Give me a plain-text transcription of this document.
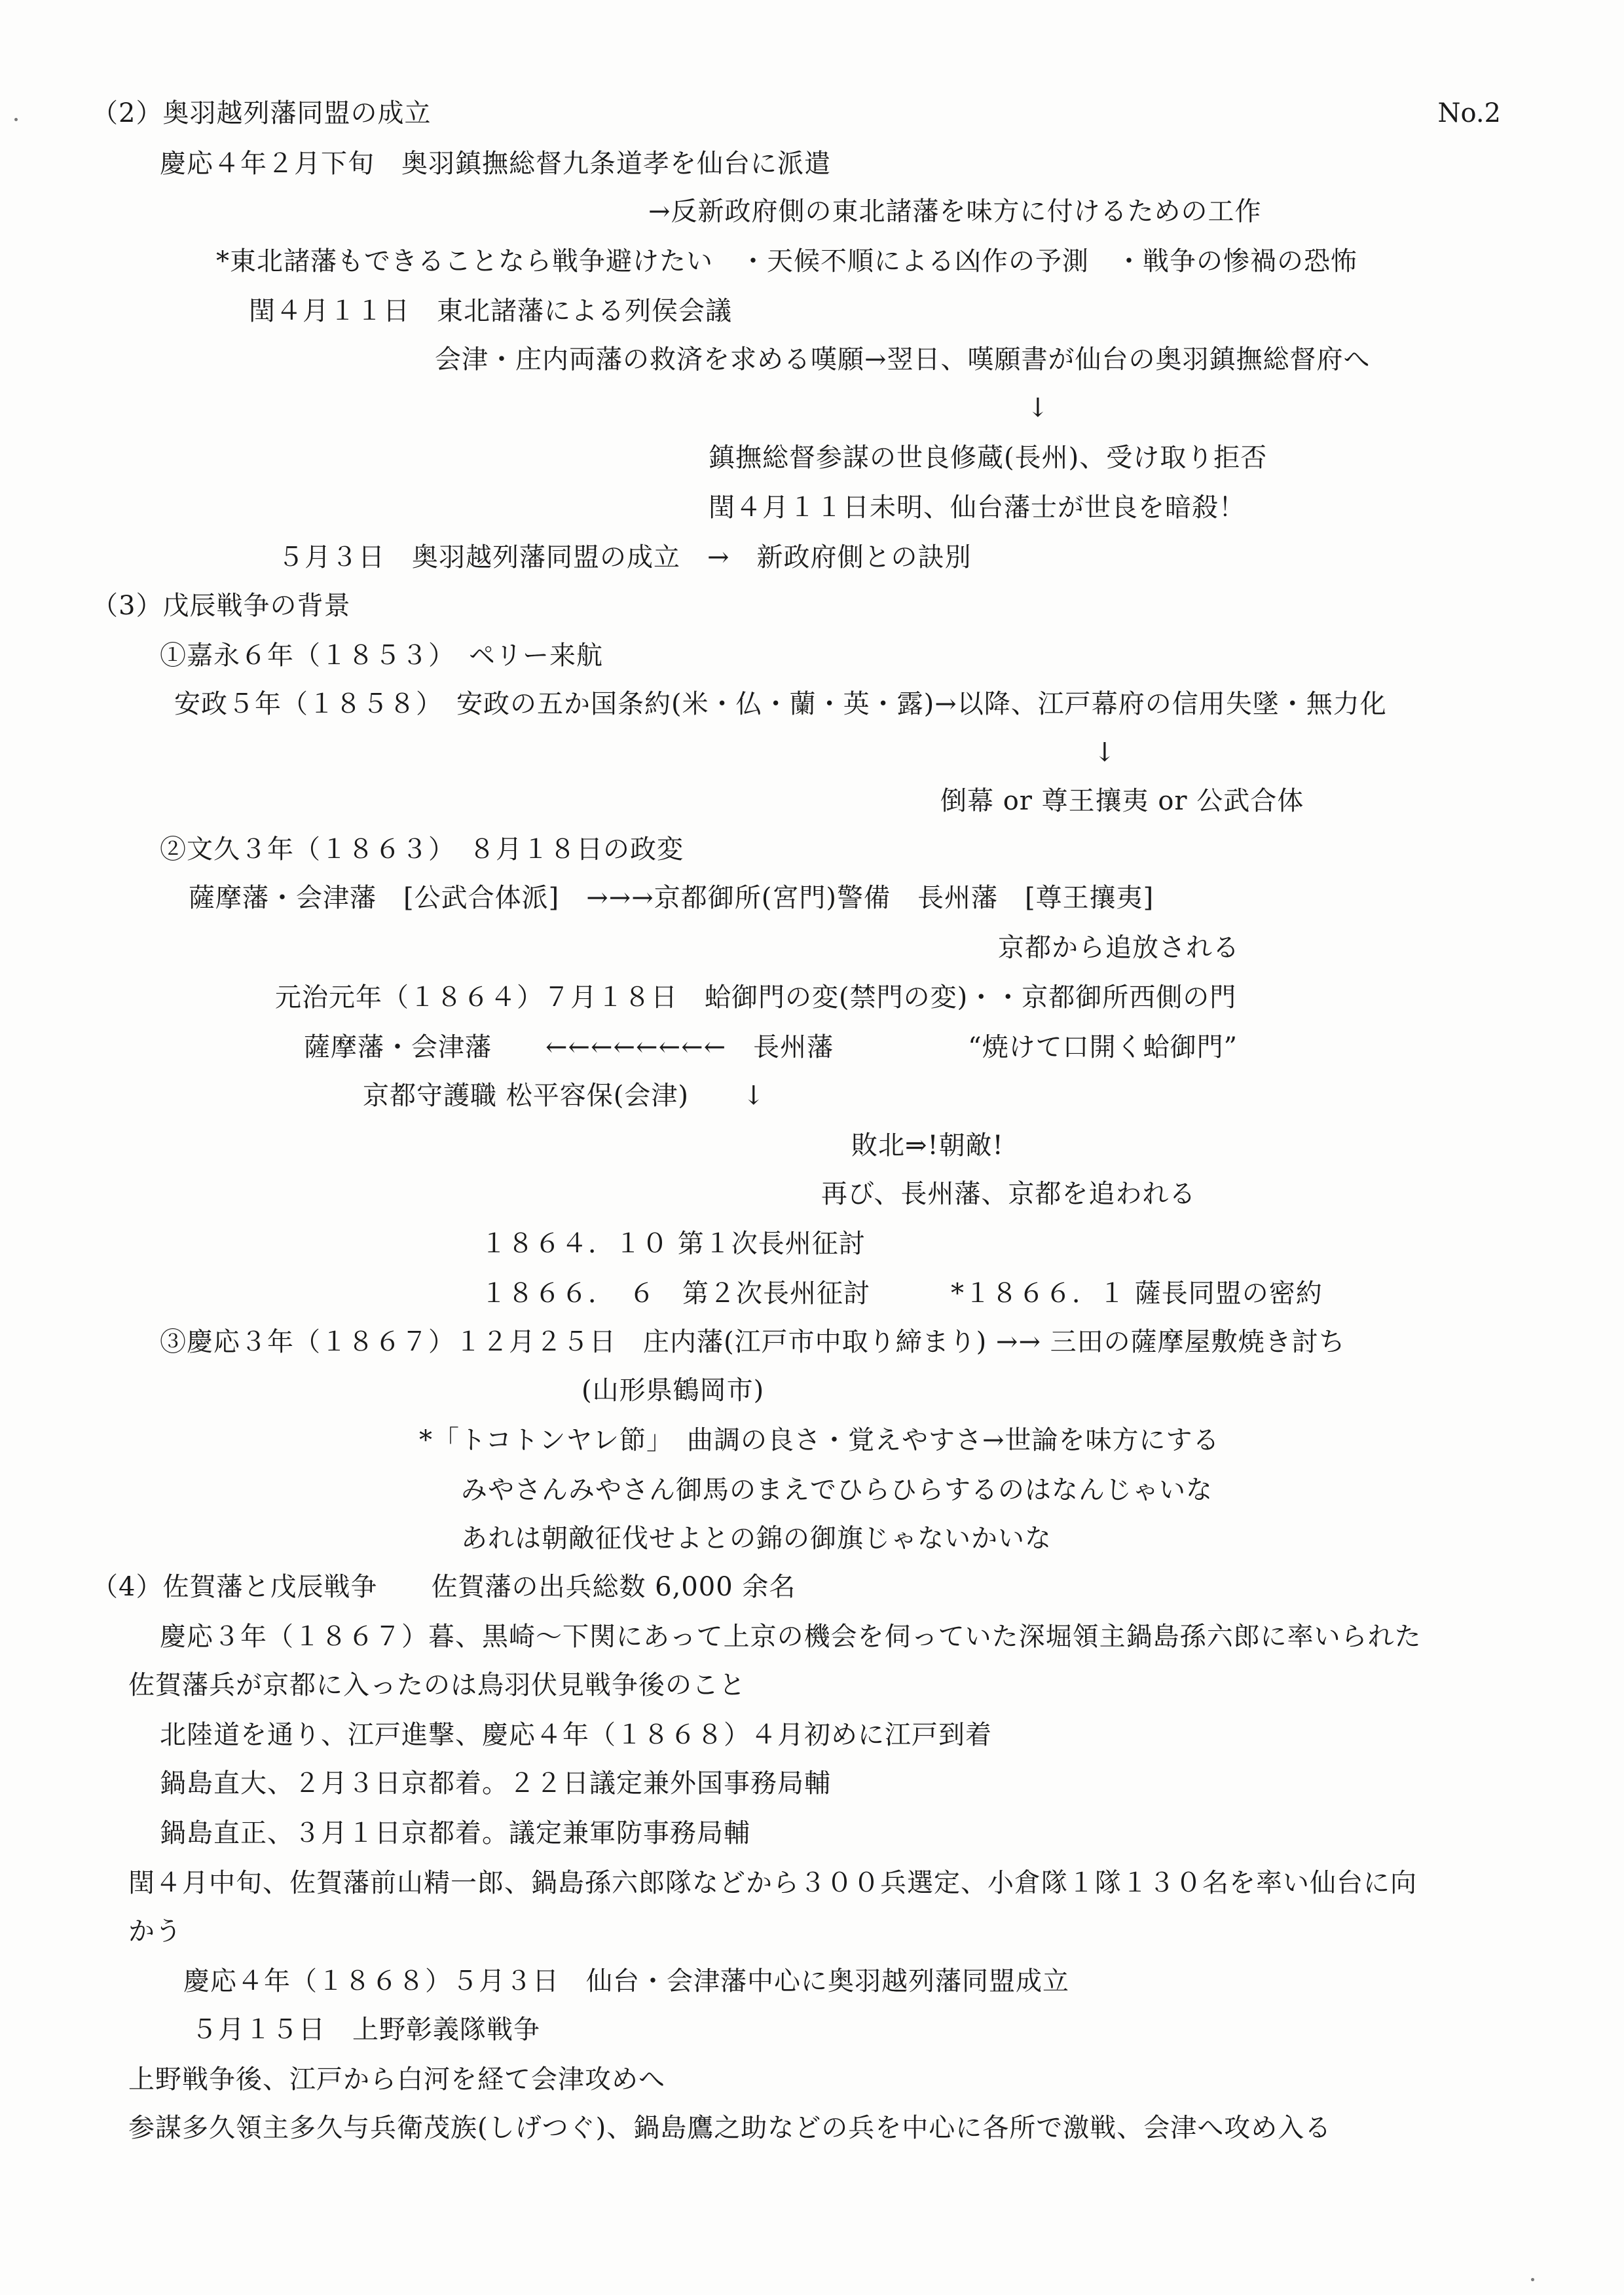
No.2

（2）奥羽越列藩同盟の成立

慶応４年２月下旬　奥羽鎮撫総督九条道孝を仙台に派遣

→反新政府側の東北諸藩を味方に付けるための工作

*東北諸藩もできることなら戦争避けたい　・天候不順による凶作の予測　・戦争の惨禍の恐怖

閏４月１１日　東北諸藩による列侯会議

会津・庄内両藩の救済を求める嘆願→翌日、嘆願書が仙台の奥羽鎮撫総督府へ

↓

鎮撫総督参謀の世良修蔵(長州)、受け取り拒否

閏４月１１日未明、仙台藩士が世良を暗殺！

５月３日　奥羽越列藩同盟の成立　→　新政府側との訣別

（3）戊辰戦争の背景

①嘉永６年（１８５３）　ペリー来航

安政５年（１８５８）　安政の五か国条約(米・仏・蘭・英・露)→以降、江戸幕府の信用失墜・無力化

↓

倒幕 or 尊王攘夷 or 公武合体

②文久３年（１８６３）　８月１８日の政変

薩摩藩・会津藩　[公武合体派]　→→→京都御所(宮門)警備　長州藩　[尊王攘夷]

京都から追放される

元治元年（１８６４）７月１８日　蛤御門の変(禁門の変)・・京都御所西側の門

薩摩藩・会津藩　　←←←←←←←←　長州藩　　　　　“焼けて口開く蛤御門”

京都守護職 松平容保(会津)　　↓

敗北⇒!朝敵!

再び、長州藩、京都を追われる

１８６４．１０ 第１次長州征討

１８６６．　６　第２次長州征討　　　*１８６６．１ 薩長同盟の密約

③慶応３年（１８６７）１２月２５日　庄内藩(江戸市中取り締まり) →→ 三田の薩摩屋敷焼き討ち

(山形県鶴岡市)

*「トコトンヤレ節」　曲調の良さ・覚えやすさ→世論を味方にする

みやさんみやさん御馬のまえでひらひらするのはなんじゃいな

あれは朝敵征伐せよとの錦の御旗じゃないかいな

（4）佐賀藩と戊辰戦争　　佐賀藩の出兵総数 6,000 余名

慶応３年（１８６７）暮、黒崎～下関にあって上京の機会を伺っていた深堀領主鍋島孫六郎に率いられた

佐賀藩兵が京都に入ったのは鳥羽伏見戦争後のこと

北陸道を通り、江戸進撃、慶応４年（１８６８）４月初めに江戸到着

鍋島直大、２月３日京都着。２２日議定兼外国事務局輔

鍋島直正、３月１日京都着。議定兼軍防事務局輔

閏４月中旬、佐賀藩前山精一郎、鍋島孫六郎隊などから３００兵選定、小倉隊１隊１３０名を率い仙台に向

かう

慶応４年（１８６８）５月３日　仙台・会津藩中心に奥羽越列藩同盟成立

５月１５日　上野彰義隊戦争

上野戦争後、江戸から白河を経て会津攻めへ

参謀多久領主多久与兵衛茂族(しげつぐ)、鍋島鷹之助などの兵を中心に各所で激戦、会津へ攻め入る
